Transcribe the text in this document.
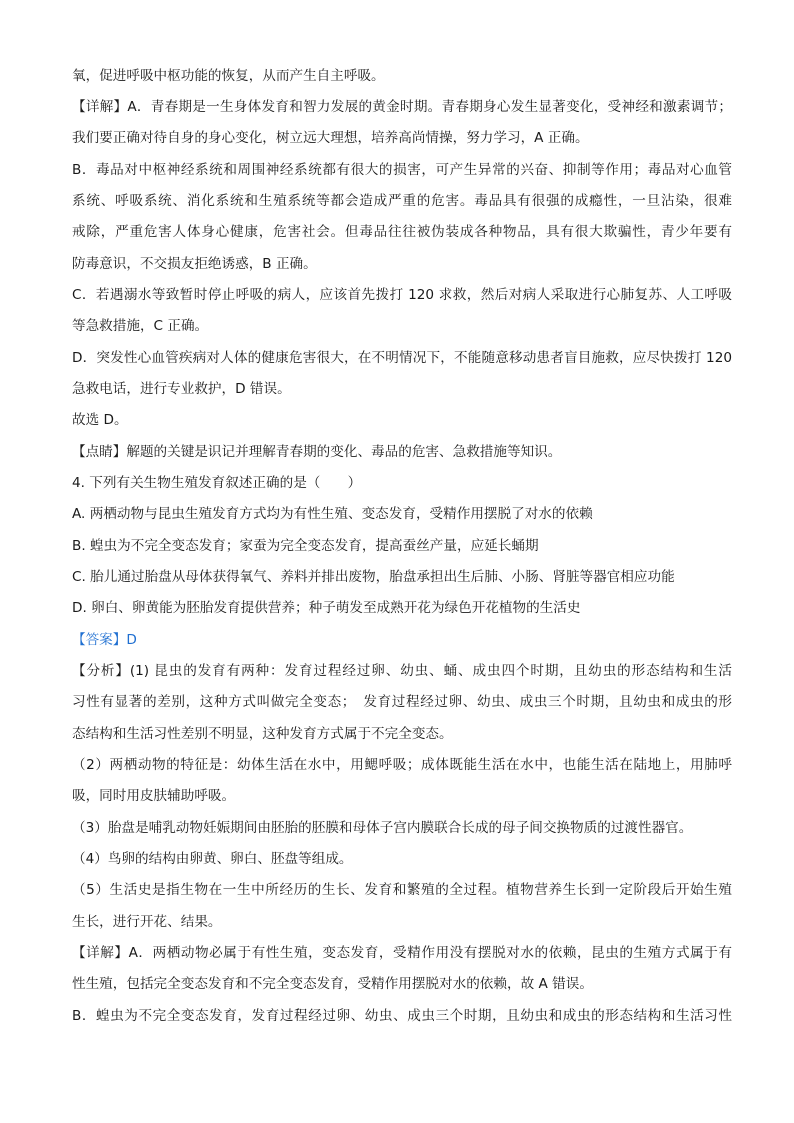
氧，促进呼吸中枢功能的恢复，从而产生自主呼吸。
【详解】A．青春期是一生身体发育和智力发展的黄金时期。青春期身心发生显著变化，受神经和激素调节；
我们要正确对待自身的身心变化，树立远大理想，培养高尚情操，努力学习，A 正确。
B．毒品对中枢神经系统和周围神经系统都有很大的损害，可产生异常的兴奋、抑制等作用；毒品对心血管
系统、呼吸系统、消化系统和生殖系统等都会造成严重的危害。毒品具有很强的成瘾性，一旦沾染，很难
戒除，严重危害人体身心健康，危害社会。但毒品往往被伪装成各种物品，具有很大欺骗性，青少年要有
防毒意识，不交损友拒绝诱惑，B 正确。
C．若遇溺水等致暂时停止呼吸的病人，应该首先拨打 120 求救，然后对病人采取进行心肺复苏、人工呼吸
等急救措施，C 正确。
D．突发性心血管疾病对人体的健康危害很大，在不明情况下，不能随意移动患者盲目施救，应尽快拨打 120
急救电话，进行专业救护，D 错误。
故选 D。
【点睛】解题的关键是识记并理解青春期的变化、毒品的危害、急救措施等知识。
4. 下列有关生物生殖发育叙述正确的是（　　）
A. 两栖动物与昆虫生殖发育方式均为有性生殖、变态发育，受精作用摆脱了对水的依赖
B. 蝗虫为不完全变态发育；家蚕为完全变态发育，提高蚕丝产量，应延长蛹期
C. 胎儿通过胎盘从母体获得氧气、养料并排出废物，胎盘承担出生后肺、小肠、肾脏等器官相应功能
D. 卵白、卵黄能为胚胎发育提供营养；种子萌发至成熟开花为绿色开花植物的生活史
【答案】D
【分析】(1) 昆虫的发育有两种：发育过程经过卵、幼虫、蛹、成虫四个时期，且幼虫的形态结构和生活
习性有显著的差别，这种方式叫做完全变态；　发育过程经过卵、幼虫、成虫三个时期，且幼虫和成虫的形
态结构和生活习性差别不明显，这种发育方式属于不完全变态。
（2）两栖动物的特征是：幼体生活在水中，用鳃呼吸；成体既能生活在水中，也能生活在陆地上，用肺呼
吸，同时用皮肤辅助呼吸。
（3）胎盘是哺乳动物妊娠期间由胚胎的胚膜和母体子宫内膜联合长成的母子间交换物质的过渡性器官。
（4）鸟卵的结构由卵黄、卵白、胚盘等组成。
（5）生活史是指生物在一生中所经历的生长、发育和繁殖的全过程。植物营养生长到一定阶段后开始生殖
生长，进行开花、结果。
【详解】A．两栖动物必属于有性生殖，变态发育，受精作用没有摆脱对水的依赖，昆虫的生殖方式属于有
性生殖，包括完全变态发育和不完全变态发育，受精作用摆脱对水的依赖，故 A 错误。
B．蝗虫为不完全变态发育，发育过程经过卵、幼虫、成虫三个时期，且幼虫和成虫的形态结构和生活习性
